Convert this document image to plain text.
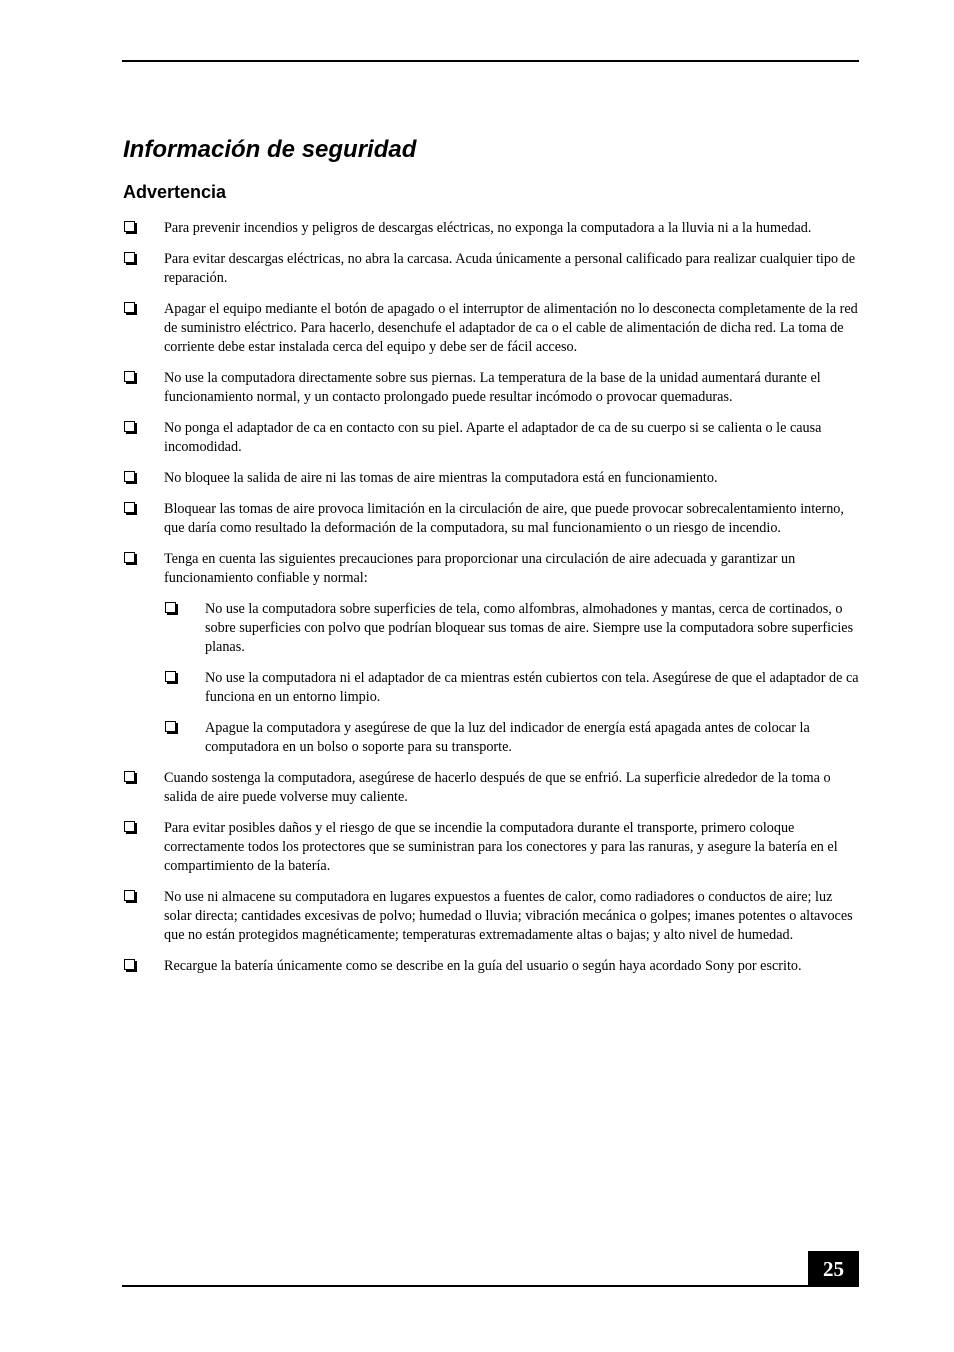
Información de seguridad
Advertencia
Para prevenir incendios y peligros de descargas eléctricas, no exponga la computadora a la lluvia ni a la humedad.
Para evitar descargas eléctricas, no abra la carcasa. Acuda únicamente a personal calificado para realizar cualquier tipo de reparación.
Apagar el equipo mediante el botón de apagado o el interruptor de alimentación no lo desconecta completamente de la red de suministro eléctrico. Para hacerlo, desenchufe el adaptador de ca o el cable de alimentación de dicha red. La toma de corriente debe estar instalada cerca del equipo y debe ser de fácil acceso.
No use la computadora directamente sobre sus piernas. La temperatura de la base de la unidad aumentará durante el funcionamiento normal, y un contacto prolongado puede resultar incómodo o provocar quemaduras.
No ponga el adaptador de ca en contacto con su piel. Aparte el adaptador de ca de su cuerpo si se calienta o le causa incomodidad.
No bloquee la salida de aire ni las tomas de aire mientras la computadora está en funcionamiento.
Bloquear las tomas de aire provoca limitación en la circulación de aire, que puede provocar sobrecalentamiento interno, que daría como resultado la deformación de la computadora, su mal funcionamiento o un riesgo de incendio.
Tenga en cuenta las siguientes precauciones para proporcionar una circulación de aire adecuada y garantizar un funcionamiento confiable y normal:
No use la computadora sobre superficies de tela, como alfombras, almohadones y mantas, cerca de cortinados, o sobre superficies con polvo que podrían bloquear sus tomas de aire. Siempre use la computadora sobre superficies planas.
No use la computadora ni el adaptador de ca mientras estén cubiertos con tela. Asegúrese de que el adaptador de ca funciona en un entorno limpio.
Apague la computadora y asegúrese de que la luz del indicador de energía está apagada antes de colocar la computadora en un bolso o soporte para su transporte.
Cuando sostenga la computadora, asegúrese de hacerlo después de que se enfrió. La superficie alrededor de la toma o salida de aire puede volverse muy caliente.
Para evitar posibles daños y el riesgo de que se incendie la computadora durante el transporte, primero coloque correctamente todos los protectores que se suministran para los conectores y para las ranuras, y asegure la batería en el compartimiento de la batería.
No use ni almacene su computadora en lugares expuestos a fuentes de calor, como radiadores o conductos de aire; luz solar directa; cantidades excesivas de polvo; humedad o lluvia; vibración mecánica o golpes; imanes potentes o altavoces que no están protegidos magnéticamente; temperaturas extremadamente altas o bajas; y alto nivel de humedad.
Recargue la batería únicamente como se describe en la guía del usuario o según haya acordado Sony por escrito.
25
